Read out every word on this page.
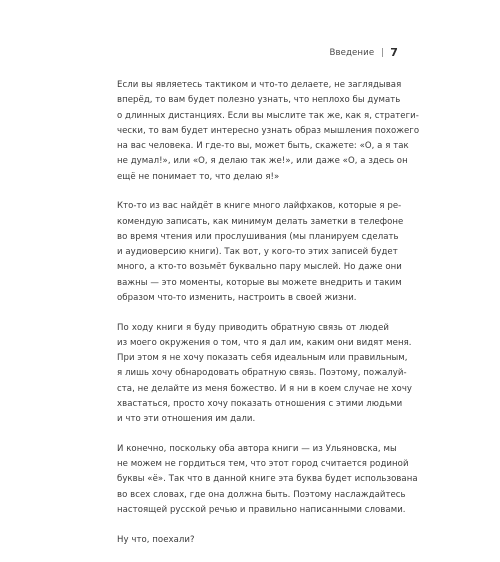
Введение 7

Если вы являетесь тактиком и что-то делаете, не заглядывая
вперёд, то вам будет полезно узнать, что неплохо бы думать
о длинных дистанциях. Если вы мыслите так же, как я, стратеги-
чески, то вам будет интересно узнать образ мышления похожего
на вас человека. И где-то вы, может быть, скажете: «О, а я так
не думал!», или «О, я делаю так же!», или даже «О, а здесь он
ещё не понимает то, что делаю я!»

Кто-то из вас найдёт в книге много лайфхаков, которые я ре-
комендую записать, как минимум делать заметки в телефоне
во время чтения или прослушивания (мы планируем сделать
и аудиоверсию книги). Так вот, у кого-то этих записей будет
много, а кто-то возьмёт буквально пару мыслей. Но даже они
важны — это моменты, которые вы можете внедрить и таким
образом что-то изменить, настроить в своей жизни.

По ходу книги я буду приводить обратную связь от людей
из моего окружения о том, что я дал им, каким они видят меня.
При этом я не хочу показать себя идеальным или правильным,
я лишь хочу обнародовать обратную связь. Поэтому, пожалуй-
ста, не делайте из меня божество. И я ни в коем случае не хочу
хвастаться, просто хочу показать отношения с этими людьми
и что эти отношения им дали.

И конечно, поскольку оба автора книги — из Ульяновска, мы
не можем не гордиться тем, что этот город считается родиной
буквы «ё». Так что в данной книге эта буква будет использована
во всех словах, где она должна быть. Поэтому наслаждайтесь
настоящей русской речью и правильно написанными словами.

Ну что, поехали?
